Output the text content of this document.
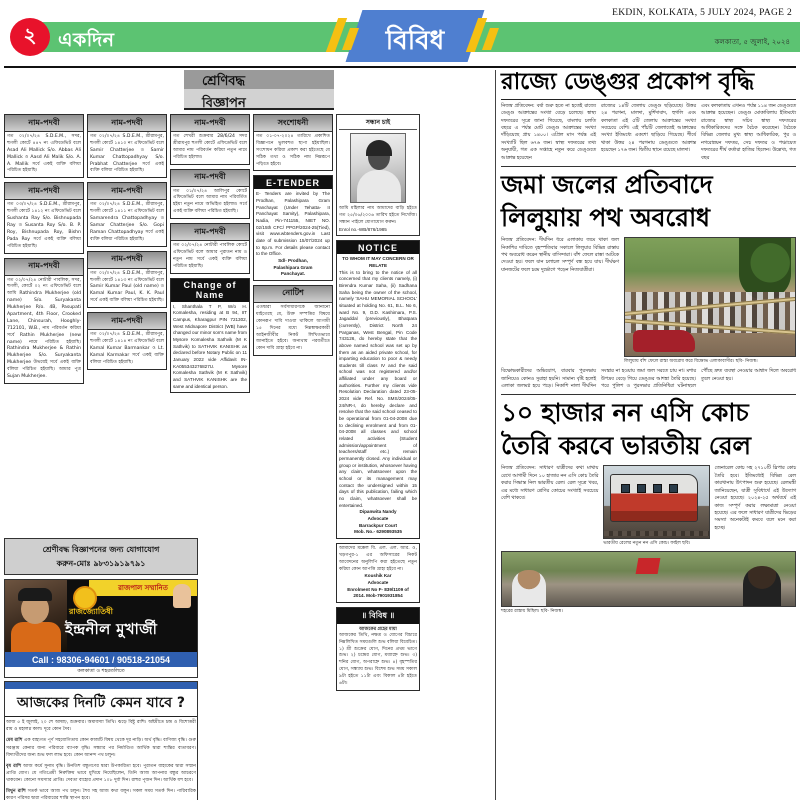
২	একদিন	বিবিধ
EKDIN, KOLKATA, 5 JULY 2024, PAGE 2
কলকাতা, ৫ জুলাই, ২০২৪
শ্রেণিবদ্ধ
বিজ্ঞাপন
নাম-পদবী
গত ০২/০৭/২৪ S.D.E.M., সদর, হুগলী কোর্টে ৪৪৭ নং এফিডেভিট বলে Asad Ali Mallick S/o. Abbas Ali Mallick ও Aasd Ali Malik S/o. A. A. Mallik সর্বে একই ব্যক্তি বলিয়া পরিচিত হইয়াছি।
নাম-পদবী
গত ০৩/০৭/২৪ S.D.E.M., শ্রীরামপুর, হুগলী কোর্টে ১৪১২ নং এফিডেভিট বলে Sushanta Ray S/o. Bishnupada Ray ও Susanta Roy S/o. B. P. Roy, Bishnupada Roy, Bishn Pada Roy সর্বে একই ব্যক্তি বলিয়া পরিচিত হইয়াছি।
নাম-পদবী
গত ০২/০৭/২৪ নোটারী পাবলিক, সদর, হুগলী, কোর্টে ০২ নং এফিডেভিট বলে আমি Rathindra Mukherjee (old name) S/o. Suryakanta Mukherjee R/o. 4B, Pasupati Apartment, 4th Floor, Crooked Lane, Chinsurah, Hooghly-712101, W.B., নাম পরিবর্তন করিয়া সর্বে Rathin Mukherjee (new name) নামে পরিচিত হইয়াছি। Rathindra Mukherjee & Rathin Mukherjee S/o. Suryakanta Mukherjee উভয়েই সর্বে একই ব্যক্তি বলিয়া পরিচিত হইয়াছি। আমার পুত্র Sujan Mukherjee.
নাম-পদবী
গত ০২/০৭/২৪ S.D.E.M., শ্রীরামপুর, হুগলী কোর্টে ১৪১০ নং এফিডেভিট বলে Samir Chatterjee ও Samir Kumar Chattopadhyay S/o. Prabhat Chatterjee সর্বে একই ব্যক্তি বলিয়া পরিচিত হইয়াছি।
নাম-পদবী
গত ০২/০৭/২৪ S.D.E.M., শ্রীরামপুর, হুগলী কোর্টে ১৪১১ নং এফিডেভিট বলে Samarendra Chattopadhyay ও Samar Chatterjee S/o. Gopi Raman Chattopadhyay সর্বে একই ব্যক্তি বলিয়া পরিচিত হইয়াছি।
নাম-পদবী
গত ০২/০৭/২৪ S.D.E.M., শ্রীরামপুর, হুগলী কোর্টে ১৪১৩ নং এফিডেভিট বলে Samir Kumar Paul (old name) ও Kamal Kumar Paul, K. K. Paul সর্বে একই ব্যক্তি বলিয়া পরিচিত হইয়াছি।
নাম-পদবী
গত ০২/০৭/২৪ S.D.E.M., শ্রীরামপুর, হুগলী কোর্টে ১৪১৪ নং এফিডেভিট বলে Kamal Kumar Barmankar ও Lt. Kamal Karmakar সর্বে একই ব্যক্তি বলিয়া পরিচিত হইয়াছি।
নাম-পদবী
গত শেখরী শুক্রবার 28/6/24 সদর শ্রীরামপুর হুগলী কোর্টে এফিডেভিট বলে আমার নাম পরিবর্তন করিয়া নতুন নামে পরিচিত হইলাম।
নাম-পদবী
গত ০১/০৭/২৪ আলিপুর কোর্টে এফিডেভিট বলে আমার নাম পরিবর্তিত হইয়া নতুন নামে অভিহিত হইলাম। সর্বে একই ব্যক্তি বলিয়া পরিচিত হইয়াছি।
নাম-পদবী
গত ০২/০৭/২৪ নোটারী পাবলিক কোর্টে এফিডেভিট বলে আমার পুরাতন নাম ও নতুন নাম সর্বে একই ব্যক্তি বলিয়া পরিচিত হইয়াছি।
Change of Name
I, Shanthala T P, W/o H. Komalesha, residing at B 94, IIT Campus, Kharagpur PIN 721302, West Midnapore District (WB) have changed our minor son's name from Mysore Komalesha Sathvik (M K Sathvik) to SATHVIK KANISHK as declared before Notary Public on 11 January 2022 vide Affidavit IN-KA055343276827U. Mysore Komalesha Sathvik (M K Sathvik) and SATHVIK KANISHK are the same and identical person.
সংশোধনী
গত ০১-০৭-২০২৪ তারিখে প্রকাশিত বিজ্ঞাপনে ভুলবশত ছাপা হইয়াছিল। সংশোধন করিয়া প্রকাশ করা হইতেছে যে সঠিক তথ্য ও সঠিক নাম নিম্নরূপে পড়িতে হইবে।
E-TENDER
E- Tenders are invited by The Prodhan, Palashipara Gram Panchayat (Under Tehatta- II Panchayat Samity), Palashipara, Nadia, Pin-741155, NIET NO. 02/15th CFC/ PPGP/2024-25(Tied), visit www.wbtenders.gov.in Last date of submission 15/07/2024 up to 6p.m. For details please contact to the Office.
Sd/- Prodhan,
Palashipara Gram
Panchayat.
নোটিশ
এতদ্বারা সর্বসাধারণকে জানানো যাইতেছে যে, উক্ত সম্পত্তির বিষয়ে কোনরূপ দাবি দাওয়া থাকিলে আগামী ১৫ দিনের মধ্যে নিম্নস্বাক্ষরকারী আইনজীবীর নিকট লিখিতভাবে জানাইতে হইবে। অন্যথায় পরবর্তীতে কোন দাবি গ্রাহ্য হইবে না।
সন্ধান চাই
আমি মহিলার নাম আমাদের বাড়ি হইতে গত ২৫/০৬/২০০৬ তারিখ হইতে নিখোঁজ। সন্ধান পাইলে যোগাযোগ করুন।
Enrol no.-WB/876/1985
NOTICE
TO WHOM IT MAY CONCERN OR RELATE
This is to bring to the notice of all concerned that my clients namely, (i) Birendra Kumar Saha, (ii) Sadhana Saha being the owner of the school, namely 'SAHU MEMORIAL SCHOOL' situated at holding No. 61, B.L. No 6, ward No. 9, O.D. Kashimara, P.S. Jagaddal (previously), Bhatpara (currently), District North 24 Parganas, West Bengal, Pin Code 743126, do hereby state that the above named school was set up by them as an aided private school, for imparting education to poor & needy students till class IV and the said school was not registered and/or affiliated under any board or authorities. Further my clients vide Resolution Declaration dated 23-05-2024 vide Ref. No. SMS/2024/05-24/NR-I, do hereby declare and resolve that the said school ceased to be operational from 01-04-2008 due to declining enrolment and from 01-04-2008 all classes and school related activities (Student admission/appointment of teachers/staff etc.) remain permanently closed. Any individual or group or institution, whosoever having any claim, whatsoever upon the school or its management may contact the undersigned within 15 days of this publication, failing which no claim, whatsoever shall be entertained.
Dipanwita Nandy
Advocate
Barrackpur Court
Mob. No.- 6290893535
আমাদের মক্কেল বি. এল. এল. আর. ও, খড়গপুর-১ এর অফিসারের নিকট আবেদনের অনুলিপি করা হইতেছে নতুন করিয়া কোন আপত্তি গ্রাহ্য হইবে না।
Koushik Kar
Advocate
Enrolment No F- 839/1109 of
2014. Mob-7901931854
॥ বিবিধ ॥
আজকের গ্রহের মায়া
আজকের তিথি, নক্ষত্র ও যোগের বিচারে নিম্নলিখিত সময়গুলি শুভ বলিয়া বিবেচিত। ১) শ্রী শুক্রের যোগ, দিনের প্রথম ভাগে শুভ। ২) চন্দ্রের যোগ, মধ্যাহ্নে শুভ। ৩) শনির যোগ, অপরাহ্নে শুভ। ৪) বৃহস্পতির যোগ, সন্ধ্যায় শুভ। বিশেষ শুভ সময় সকাল ৯টা হইতে ১১টা এবং বিকাল ৪টা হইতে ৬টা।
শ্রেণীবদ্ধ বিজ্ঞাপনের জন্য যোগাযোগ
করুন-মোঃ ৯৮৩১৯১৯৭৯১
রাজপাল সম্মানিত
রাজজ্যোতিষী
ইন্দ্রনীল মুখার্জী
Call : 98306-94601 / 90518-21054
কলকাতা ও শহরতলিতে
আজকের দিনটি কেমন যাবে ?
আজ ৫ ই জুলাই, ২০ শে আষাঢ়, শুক্রবার। অমাবস্যা তিথি। ঝড়ে বিষ্টু রাশি। অষ্টমীতে চন্দ্র ও বিশোত্তরী রায় ও মহালগ্ন কাল। দূরে কোন দৈব।
মেষ রাশি এক বাহ্যগত পূর্ণ সহযোগিতায় কোন কাজটি বিষয় থেকে দূর নাড়ি। অর্থ বৃদ্ধি। বাণিজ্য বৃদ্ধি। গুরু সরঞ্জাম কেনার জন্য পরিবারে ব্যাপক বৃদ্ধি। সন্ধ্যার পর নির্মাণ্ডিত আর্থিক দ্বারা শান্তির বাতাবরণ। বিদ্যার্থীদের জন্য শুভ ফল লাভ হবে। কোন আনন্দ পথ চলুন।
বৃষ রাশি আজ কর্মে সুনাম বৃদ্ধি। উনতিশ বন্ধুগণের দ্বারা উপকারিতা হবে। পুরাতন বাহ্যকের দ্বারা সম্মান প্রাপ্তি যোগ। যে গতিপ্রেমী নিরুক্তিম ভাবে মুখিয়ে নিয়েছিলেন, তিনি আজ আপনার বন্ধুর আচরণে থাকবেন। কোনো সমস্যার প্রাপ্তি। দেবতা বাহ্যের প্রদান ১০৮ দুর্বা দিন। রাহুর পূজন দিন। আর্থিক যশ হবে।
মিথুন রাশি সতর্ক ভাবে আজ পথ চলুন। শৈব সহ আজ কথা বলুন। সকল সময় সতর্ক দিন। পারিবারিক কারণ পরিসর দ্বারা পরিবারের শান্তি স্থাপন হবে।
রাজ্যে ডেঙ্গুর প্রকোপ বৃদ্ধি
নিজস্ব প্রতিবেদন: বর্ষা শুরু হতে না হতেই রাজ্যে ডেঙ্গু আক্রান্তের সংখ্যা বেড়ে চলেছে। স্বাস্থ্য দফতরের সূত্রে জানা গিয়েছে, বাংলায় চলতি বছরে এ পর্যন্ত মোট ডেঙ্গু আক্রান্তের সংখ্যা দাঁড়িয়েছে প্রায় ১৪০০। এপ্রিল মাস পর্যন্ত এই সংখ্যাটি ছিল ৬৭৬ জন। স্বাস্থ্য দফতরের তথ্য অনুযায়ী, গত এক সপ্তাহে নতুন করে ডেঙ্গুতে আক্রান্ত হয়েছেন
রাজ্যের ১৪টি জেলায় ডেঙ্গু ছড়িয়েছে। উত্তর ২৪ পরগনা, মালদা, মুর্শিদাবাদ, হুগলি এবং কলকাতা এই ৫টি জেলায় আক্রান্তের সংখ্যা সবচেয়ে বেশি। এই পাঁচটি জেলাতেই আক্রান্তের সংখ্যা ইতিমধ্যে একশো ছাড়িয়ে গিয়েছে। শীর্ষে থাকা উত্তর ২৪ পরগনায় ডেঙ্গুতে আক্রান্ত হয়েছেন ১৭৬ জন। দ্বিতীয় স্থানে রয়েছে মালদা।
এবং কলকাতায় এখনও পর্যন্ত ১১৪ জন ডেঙ্গুতে আক্রান্ত হয়েছেন। ডেঙ্গু মোকাবিলায় ইতিমধ্যে রাজ্যের স্বাস্থ্য সচিব স্বাস্থ্য দফতরের আধিকারিকদের সঙ্গে বৈঠক করেছেন। বৈঠকে বিভিন্ন জেলার মুখ্য স্বাস্থ্য আধিকারিক, পুর ও নগরোন্নয়ন দফতর, সেচ দফতর ও পঞ্চায়েত দফতরের শীর্ষ কর্তারা হাজির ছিলেন। উল্লেখ্য, গত বছর
জমা জলের প্রতিবাদে
লিলুয়ায় পথ অবরোধ
নিজস্ব প্রতিবেদন: দীর্ঘদিন ধরে এলাকায় জমে থাকা জল নিকাশির দাবিতে বৃহস্পতিবার সকালে লিলুয়ার বিভিন্ন রাস্তায় পথ অবরোধ করেন স্থানীয় বাসিন্দারা। বাঁশ ফেলে রাস্তা আটকে দেওয়া হয়। ফলে যান চলাচল সম্পূর্ণ বন্ধ হয়ে যায়। দীর্ঘক্ষণ যানজটের ফলে চরম দুর্ভোগে পড়েন নিত্যযাত্রীরা।
লিলুয়ায় বাঁশ ফেলে রাস্তা অবরোধ করে বিক্ষোভ এলাকাবাসীর। ছবি- নিজস্ব।
বিক্ষোভকারীদের অভিযোগ, বারবার পুরসভায় জানিয়েও কোনও সুরাহা হয়নি। সামান্য বৃষ্টি হলেই এলাকা জলমগ্ন হয়ে পড়ে। নিকাশি নালা দীর্ঘদিন সংস্কার না হওয়ায় জমা জল সরতে চায় না। মশার উপদ্রব বেড়ে গিয়ে ডেঙ্গুর আশঙ্কা তৈরি হয়েছে। পরে পুলিশ ও পুরসভার প্রতিনিধিরা ঘটনাস্থলে পৌঁছে দ্রুত ব্যবস্থা নেওয়ার আশ্বাস দিলে অবরোধ তুলে নেওয়া হয়।
১০ হাজার নন এসি কোচ
তৈরি করবে ভারতীয় রেল
নিজস্ব প্রতিবেদন: সাধারণ যাত্রীদের কথা মাথায় রেখে আগামী দিনে ১০ হাজার নন এসি কোচ তৈরি করার সিদ্ধান্ত নিল ভারতীয় রেল। রেল সূত্রে খবর, এর মধ্যে সাধারণ শ্রেণির কোচের সংখ্যাই সবচেয়ে বেশি থাকবে।
ভারতীয় রেলের নতুন নন এসি কোচ। ফাইল ছবি।
জেনারেল কোচ সহ ২৭১০টি স্লিপার কোচ তৈরি হবে। ইতিমধ্যেই বিভিন্ন রেল কারখানায় উৎপাদন শুরু হয়েছে। রেলমন্ত্রী জানিয়েছেন, যাত্রী সুবিধার্থে এই উদ্যোগ নেওয়া হয়েছে। ২০২৪-২৫ অর্থবর্ষে এই কাজ সম্পূর্ণ করার লক্ষ্যমাত্রা নেওয়া হয়েছে। এর ফলে সাধারণ যাত্রীদের ভিড়ের সমস্যা অনেকটাই কমবে বলে মনে করা হচ্ছে।
শহরের রাস্তায় মিছিল। ছবি- নিজস্ব।
